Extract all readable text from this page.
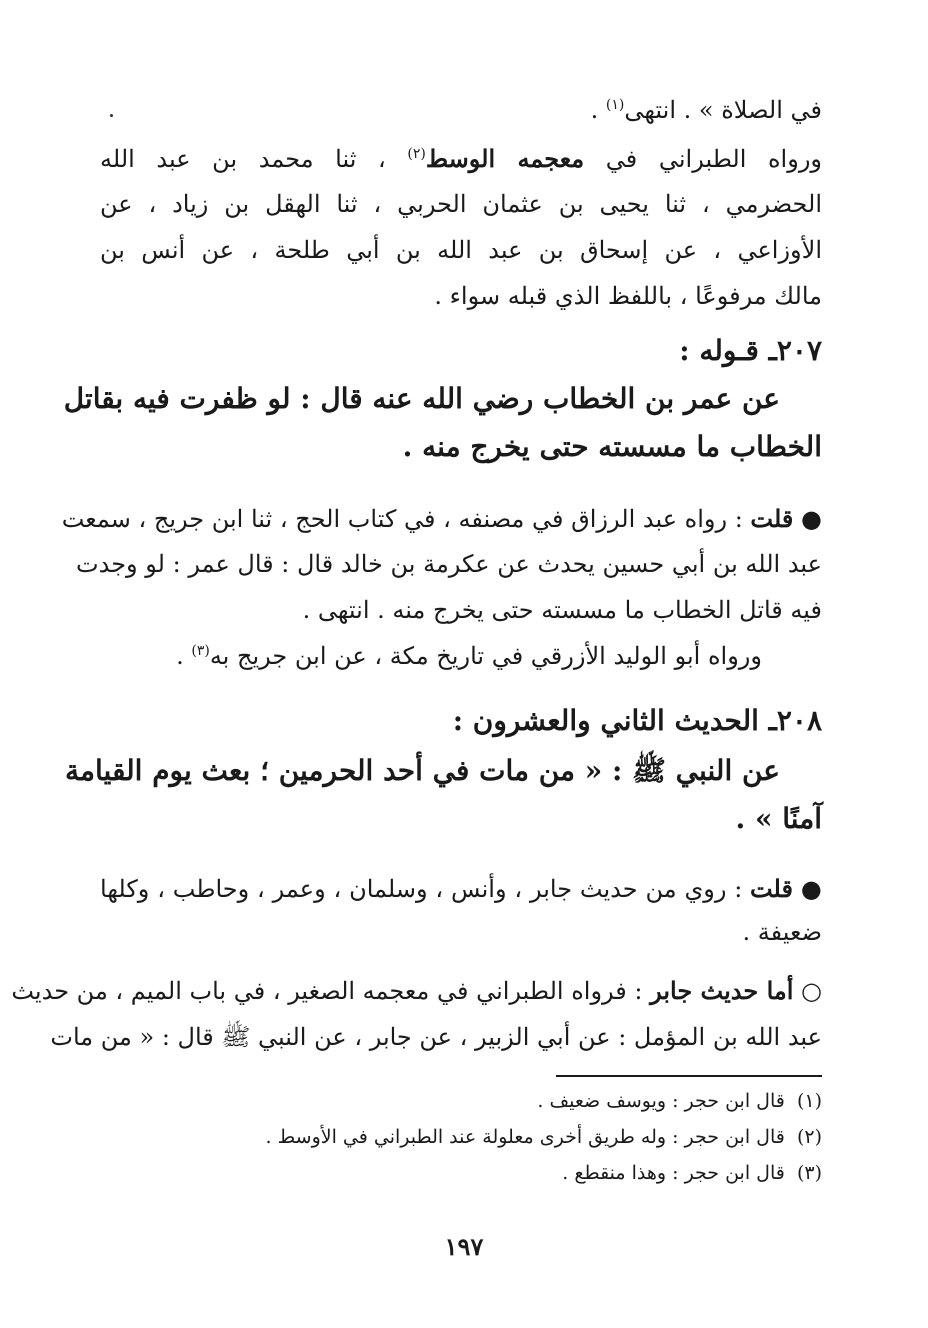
في الصلاة » . انتهى$^{(١)}$ .
ورواه الطبراني في معجمه الوسط$^{(٢)}$ ، ثنا محمد بن عبد الله
الحضرمي ، ثنا يحيى بن عثمان الحربي ، ثنا الهقل بن زياد ، عن
الأوزاعي ، عن إسحاق بن عبد الله بن أبي طلحة ، عن أنس بن
مالك مرفوعًا ، باللفظ الذي قبله سواء .
٢٠٧ـ قـوله :
عن عمر بن الخطاب رضي الله عنه قال : لو ظفرت فيه بقاتل
الخطاب ما مسسته حتى يخرج منه .
● قلت : رواه عبد الرزاق في مصنفه ، في كتاب الحج ، ثنا ابن جريج ، سمعت
عبد الله بن أبي حسين يحدث عن عكرمة بن خالد قال : قال عمر : لو وجدت
فيه قاتل الخطاب ما مسسته حتى يخرج منه . انتهى .
ورواه أبو الوليد الأزرقي في تاريخ مكة ، عن ابن جريج به$^{(٣)}$ .
٢٠٨ـ الحديث الثاني والعشرون :
عن النبي ﷺ : « من مات في أحد الحرمين ؛ بعث يوم القيامة
آمنًا » .
● قلت : روي من حديث جابر ، وأنس ، وسلمان ، وعمر ، وحاطب ، وكلها
ضعيفة .
○ أما حديث جابر : فرواه الطبراني في معجمه الصغير ، في باب الميم ، من حديث
عبد الله بن المؤمل : عن أبي الزبير ، عن جابر ، عن النبي ﷺ قال : « من مات
(١)  قال ابن حجر : ويوسف ضعيف .
(٢)  قال ابن حجر : وله طريق أخرى معلولة عند الطبراني في الأوسط .
(٣)  قال ابن حجر : وهذا منقطع .
١٩٧
